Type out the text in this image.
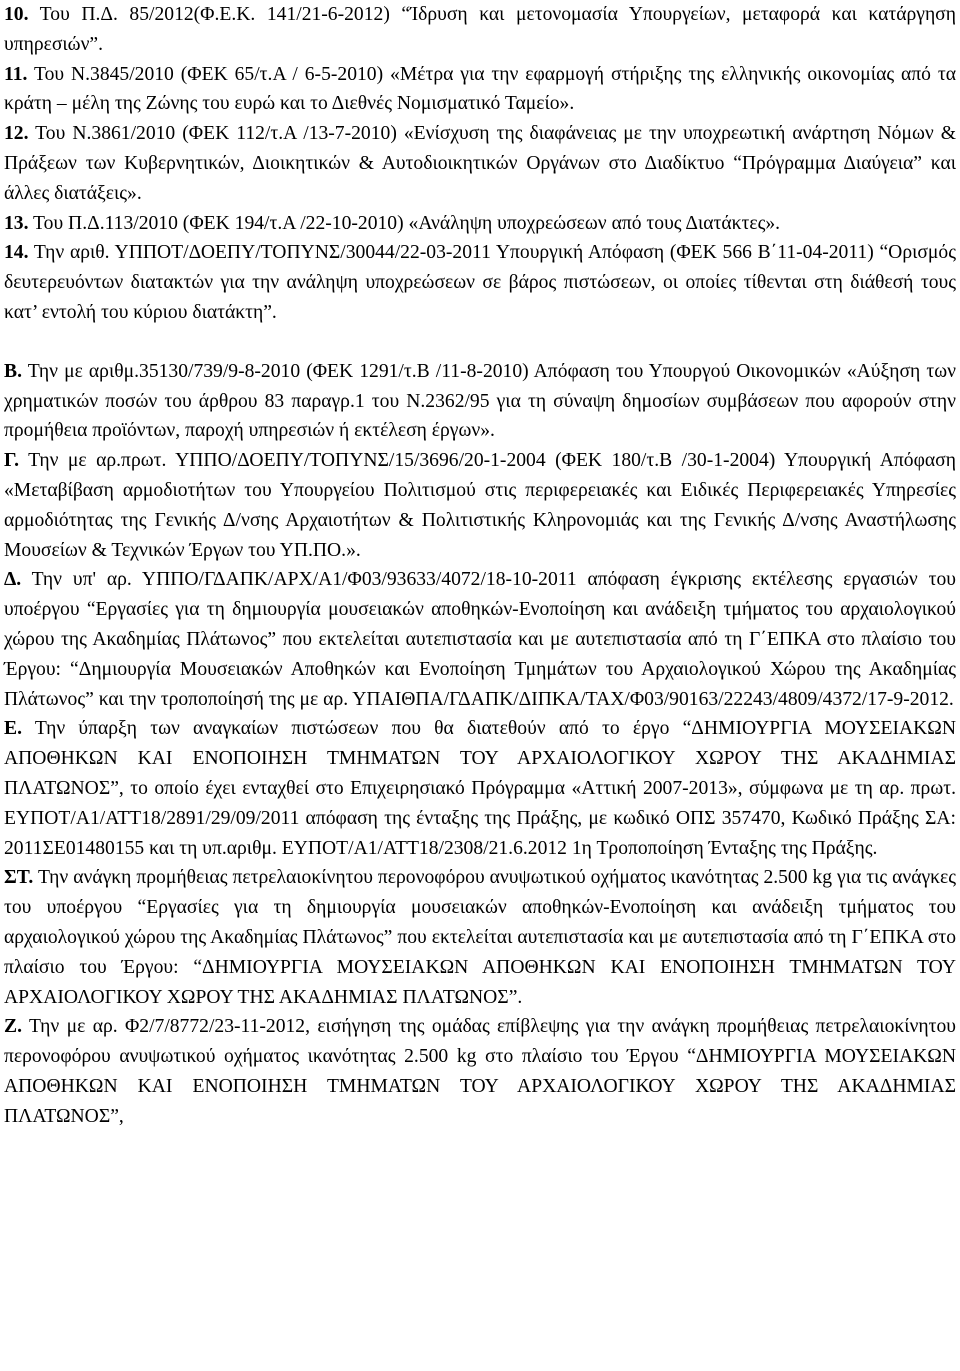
10. Του Π.Δ. 85/2012(Φ.Ε.Κ. 141/21-6-2012) “Ίδρυση και μετονομασία Υπουργείων, μεταφορά και κατάργηση υπηρεσιών”.

11. Του Ν.3845/2010 (ΦΕΚ 65/τ.Α / 6-5-2010) «Μέτρα για την εφαρμογή στήριξης της ελληνικής οικονομίας από τα κράτη – μέλη της Ζώνης του ευρώ και το Διεθνές Νομισματικό Ταμείο».

12. Του Ν.3861/2010 (ΦΕΚ 112/τ.Α /13-7-2010) «Ενίσχυση της διαφάνειας με την υποχρεωτική ανάρτηση Νόμων & Πράξεων των Κυβερνητικών, Διοικητικών & Αυτοδιοικητικών Οργάνων στο Διαδίκτυο “Πρόγραμμα Διαύγεια” και άλλες διατάξεις».

13. Του Π.Δ.113/2010 (ΦΕΚ 194/τ.Α /22-10-2010) «Ανάληψη υποχρεώσεων από τους Διατάκτες».

14. Την αριθ. ΥΠΠΟΤ/ΔΟΕΠΥ/ΤΟΠΥΝΣ/30044/22-03-2011 Υπουργική Απόφαση (ΦΕΚ 566 Β΄11-04-2011) “Ορισμός δευτερευόντων διατακτών για την ανάληψη υποχρεώσεων σε βάρος πιστώσεων, οι οποίες τίθενται στη διάθεσή τους κατ’ εντολή του κύριου διατάκτη”.

Β. Την με αριθμ.35130/739/9-8-2010 (ΦΕΚ 1291/τ.Β /11-8-2010) Απόφαση του Υπουργού Οικονομικών «Αύξηση των χρηματικών ποσών του άρθρου 83 παραγρ.1 του Ν.2362/95 για τη σύναψη δημοσίων συμβάσεων που αφορούν στην προμήθεια προϊόντων, παροχή υπηρεσιών ή εκτέλεση έργων».

Γ. Την με αρ.πρωτ. ΥΠΠΟ/ΔΟΕΠΥ/ΤΟΠΥΝΣ/15/3696/20-1-2004 (ΦΕΚ 180/τ.Β /30-1-2004) Υπουργική Απόφαση «Μεταβίβαση αρμοδιοτήτων του Υπουργείου Πολιτισμού στις περιφερειακές και Ειδικές Περιφερειακές Υπηρεσίες αρμοδιότητας της Γενικής Δ/νσης Αρχαιοτήτων & Πολιτιστικής Κληρονομιάς και της Γενικής Δ/νσης Αναστήλωσης Μουσείων & Τεχνικών Έργων του ΥΠ.ΠΟ.».

Δ. Την υπ' αρ. ΥΠΠΟ/ΓΔΑΠΚ/ΑΡΧ/Α1/Φ03/93633/4072/18-10-2011 απόφαση έγκρισης εκτέλεσης εργασιών του υποέργου “Εργασίες για τη δημιουργία μουσειακών αποθηκών-Ενοποίηση και ανάδειξη τμήματος του αρχαιολογικού χώρου της Ακαδημίας Πλάτωνος” που εκτελείται αυτεπιστασία και με αυτεπιστασία από τη Γ΄ΕΠΚΑ στο πλαίσιο του Έργου: “Δημιουργία Μουσειακών Αποθηκών και Ενοποίηση Τμημάτων του Αρχαιολογικού Χώρου της Ακαδημίας Πλάτωνος” και την τροποποίησή της με αρ. ΥΠΑΙΘΠΑ/ΓΔΑΠΚ/ΔΙΠΚΑ/ΤΑΧ/Φ03/90163/22243/4809/4372/17-9-2012.

Ε. Την ύπαρξη των αναγκαίων πιστώσεων που θα διατεθούν από το έργο “ΔΗΜΙΟΥΡΓΙΑ ΜΟΥΣΕΙΑΚΩΝ ΑΠΟΘΗΚΩΝ ΚΑΙ ΕΝΟΠΟΙΗΣΗ ΤΜΗΜΑΤΩΝ ΤΟΥ ΑΡΧΑΙΟΛΟΓΙΚΟΥ ΧΩΡΟΥ ΤΗΣ ΑΚΑΔΗΜΙΑΣ ΠΛΑΤΩΝΟΣ”, το οποίο έχει ενταχθεί στο Επιχειρησιακό Πρόγραμμα «Αττική 2007-2013», σύμφωνα με τη αρ. πρωτ. ΕΥΠΟΤ/Α1/ΑΤΤ18/2891/29/09/2011 απόφαση της ένταξης της Πράξης, με κωδικό ΟΠΣ 357470, Κωδικό Πράξης ΣΑ: 2011ΣΕ01480155 και τη υπ.αριθμ. ΕΥΠΟΤ/Α1/ΑΤΤ18/2308/21.6.2012 1η Τροποποίηση Ένταξης της Πράξης.

ΣΤ. Την ανάγκη προμήθειας πετρελαιοκίνητου περονοφόρου ανυψωτικού οχήματος ικανότητας 2.500 kg για τις ανάγκες του υποέργου “Εργασίες για τη δημιουργία μουσειακών αποθηκών-Ενοποίηση και ανάδειξη τμήματος του αρχαιολογικού χώρου της Ακαδημίας Πλάτωνος” που εκτελείται αυτεπιστασία και με αυτεπιστασία από τη Γ΄ΕΠΚΑ στο πλαίσιο του Έργου: “ΔΗΜΙΟΥΡΓΙΑ ΜΟΥΣΕΙΑΚΩΝ ΑΠΟΘΗΚΩΝ ΚΑΙ ΕΝΟΠΟΙΗΣΗ ΤΜΗΜΑΤΩΝ ΤΟΥ ΑΡΧΑΙΟΛΟΓΙΚΟΥ ΧΩΡΟΥ ΤΗΣ ΑΚΑΔΗΜΙΑΣ ΠΛΑΤΩΝΟΣ”.

Ζ. Την με αρ. Φ2/7/8772/23-11-2012, εισήγηση της ομάδας επίβλεψης για την ανάγκη προμήθειας πετρελαιοκίνητου περονοφόρου ανυψωτικού οχήματος ικανότητας 2.500 kg στο πλαίσιο του Έργου “ΔΗΜΙΟΥΡΓΙΑ ΜΟΥΣΕΙΑΚΩΝ ΑΠΟΘΗΚΩΝ ΚΑΙ ΕΝΟΠΟΙΗΣΗ ΤΜΗΜΑΤΩΝ ΤΟΥ ΑΡΧΑΙΟΛΟΓΙΚΟΥ ΧΩΡΟΥ ΤΗΣ ΑΚΑΔΗΜΙΑΣ ΠΛΑΤΩΝΟΣ”,
